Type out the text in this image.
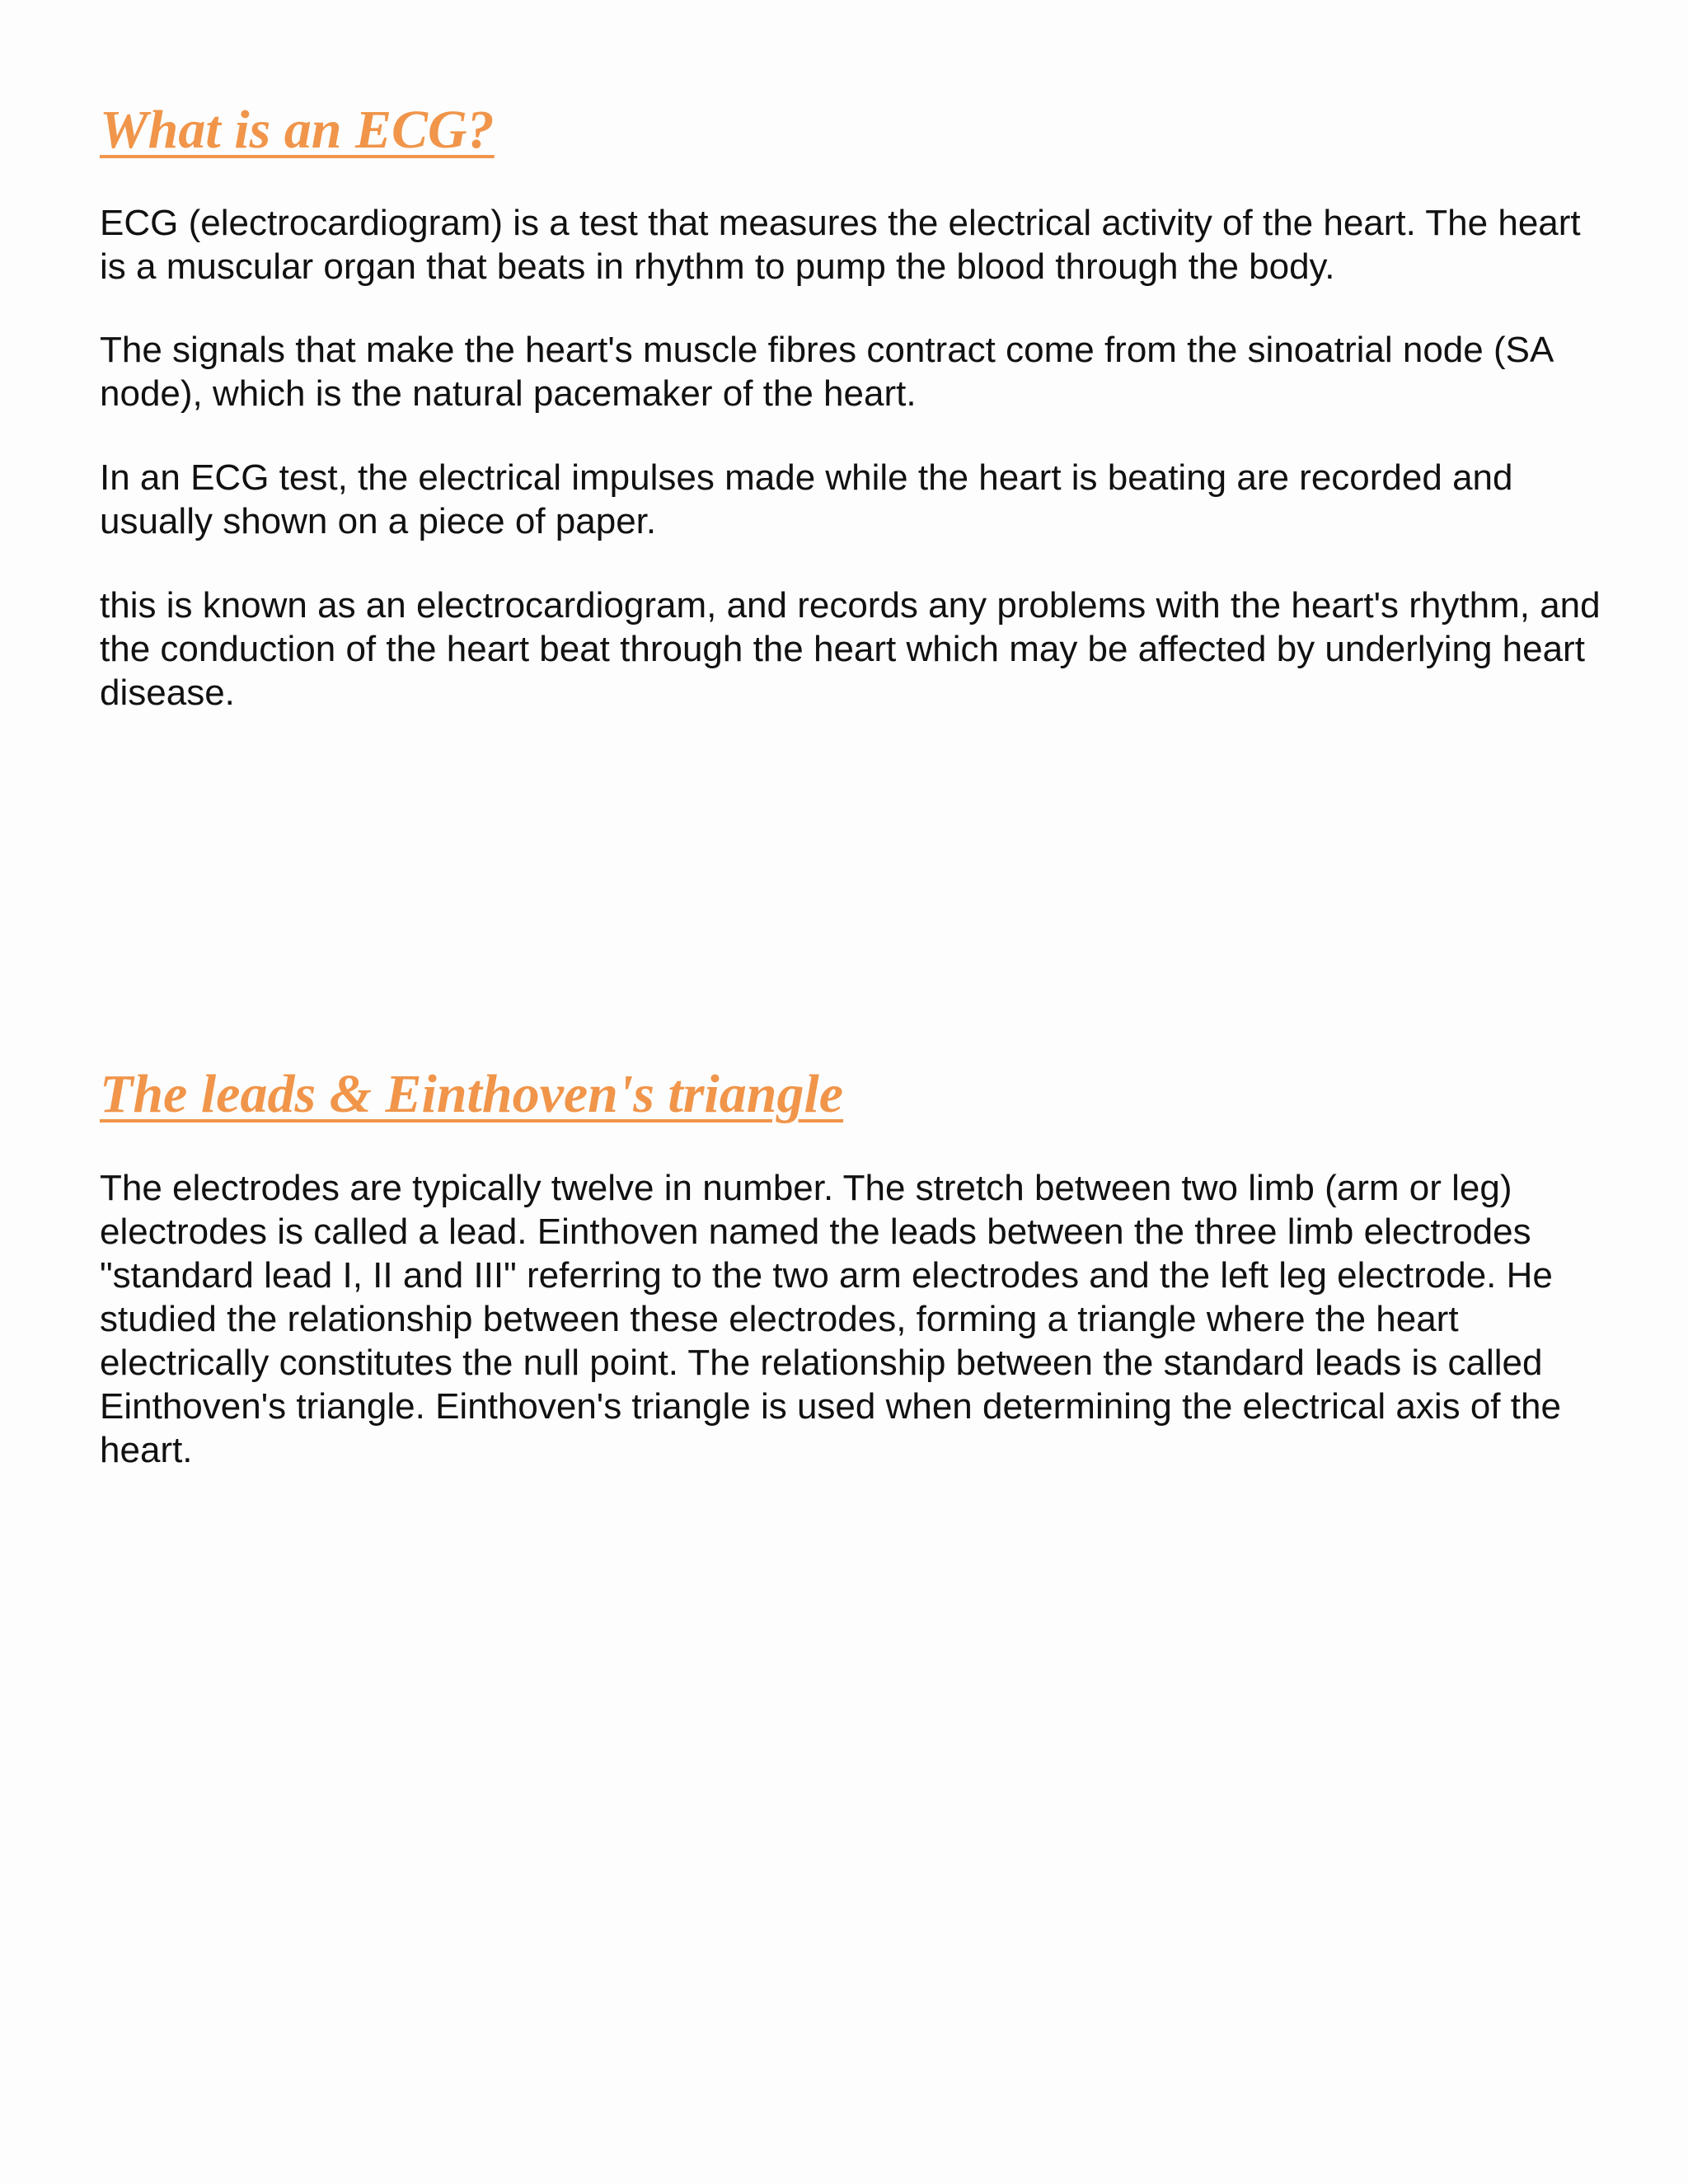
What is an ECG?

ECG (electrocardiogram) is a test that measures the electrical activity of the heart. The heart is a muscular organ that beats in rhythm to pump the blood through the body.

The signals that make the heart's muscle fibres contract come from the sinoatrial node (SA node), which is the natural pacemaker of the heart.

In an ECG test, the electrical impulses made while the heart is beating are recorded and usually shown on a piece of paper.

this is known as an electrocardiogram, and records any problems with the heart's rhythm, and the conduction of the heart beat through the heart which may be affected by underlying heart disease.

The leads & Einthoven's triangle

The electrodes are typically twelve in number. The stretch between two limb (arm or leg) electrodes is called a lead. Einthoven named the leads between the three limb electrodes "standard lead I, II and III" referring to the two arm electrodes and the left leg electrode. He studied the relationship between these electrodes, forming a triangle where the heart electrically constitutes the null point. The relationship between the standard leads is called Einthoven's triangle. Einthoven's triangle is used when determining the electrical axis of the heart.
